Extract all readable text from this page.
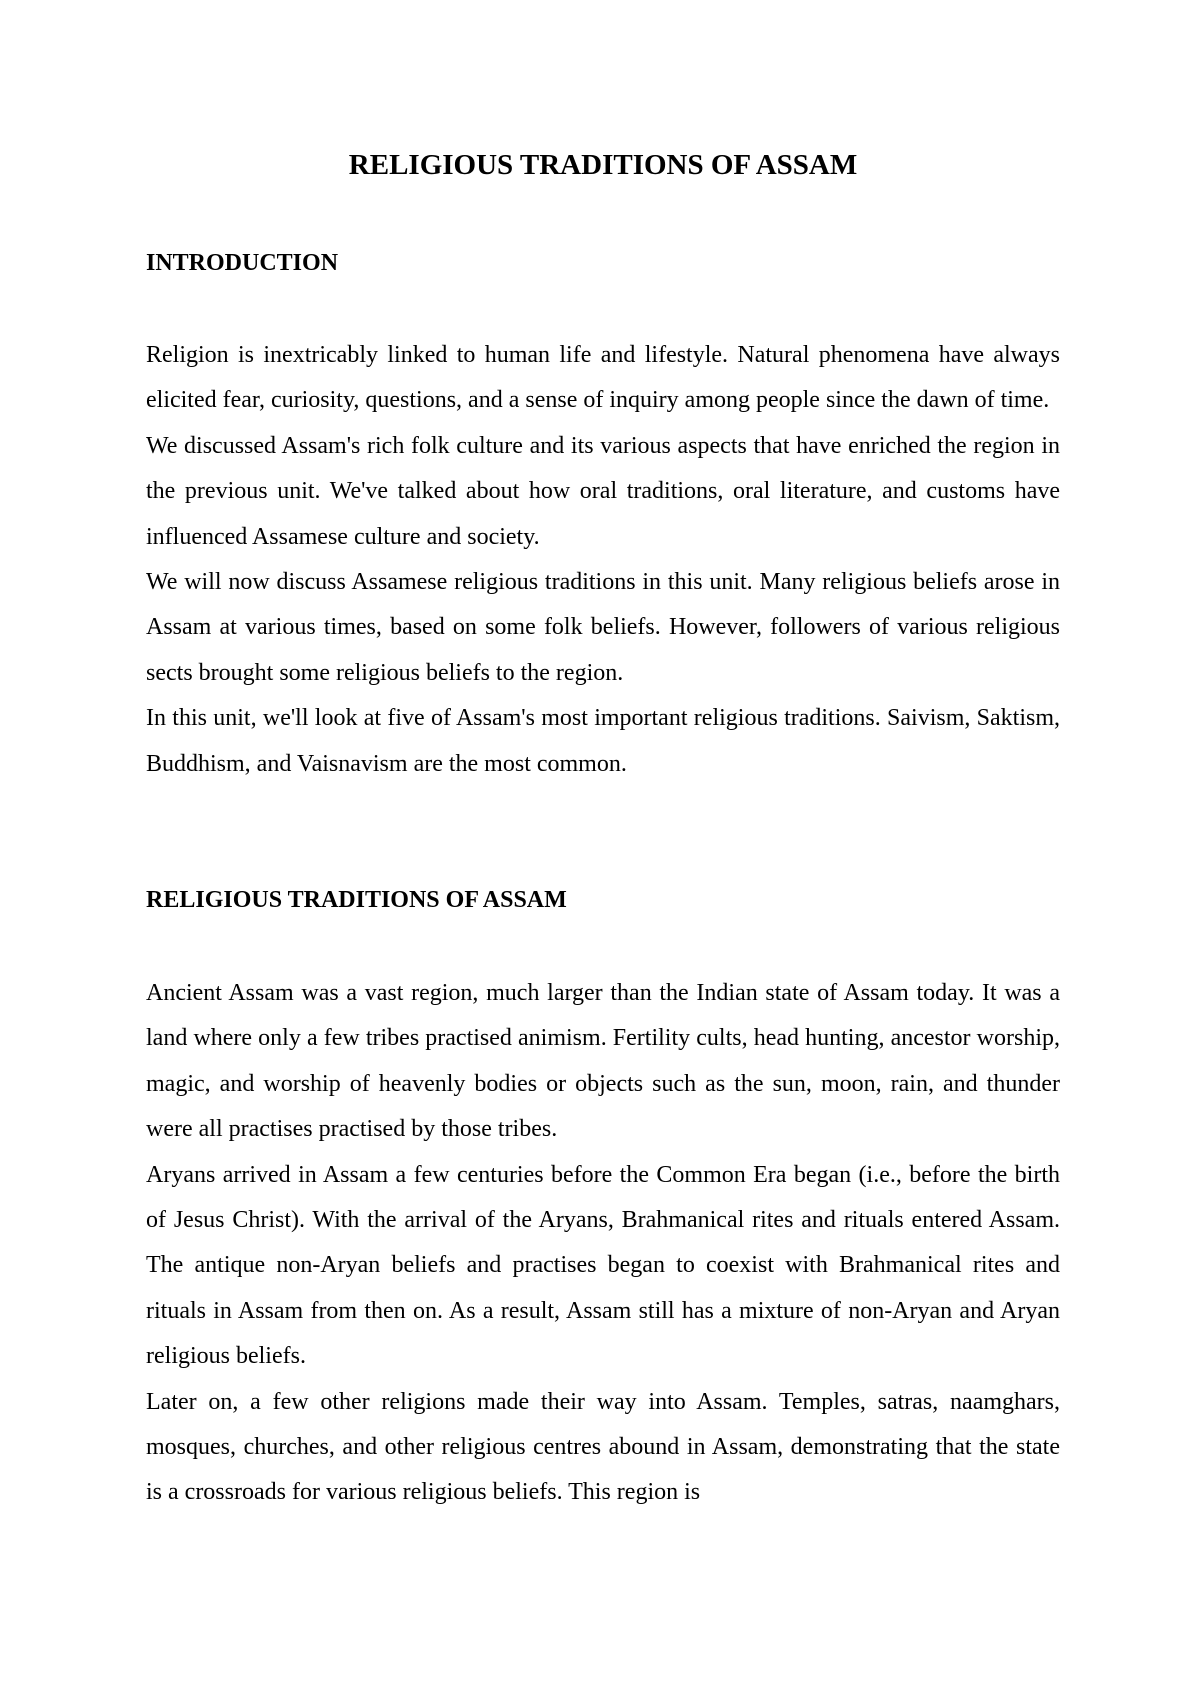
RELIGIOUS TRADITIONS OF ASSAM
INTRODUCTION

Religion is inextricably linked to human life and lifestyle. Natural phenomena have always elicited fear, curiosity, questions, and a sense of inquiry among people since the dawn of time.

We discussed Assam's rich folk culture and its various aspects that have enriched the region in the previous unit. We've talked about how oral traditions, oral literature, and customs have influenced Assamese culture and society.

We will now discuss Assamese religious traditions in this unit. Many religious beliefs arose in Assam at various times, based on some folk beliefs. However, followers of various religious sects brought some religious beliefs to the region.

In this unit, we'll look at five of Assam's most important religious traditions. Saivism, Saktism, Buddhism, and Vaisnavism are the most common.

RELIGIOUS TRADITIONS OF ASSAM

Ancient Assam was a vast region, much larger than the Indian state of Assam today. It was a land where only a few tribes practised animism. Fertility cults, head hunting, ancestor worship, magic, and worship of heavenly bodies or objects such as the sun, moon, rain, and thunder were all practises practised by those tribes.

Aryans arrived in Assam a few centuries before the Common Era began (i.e., before the birth of Jesus Christ). With the arrival of the Aryans, Brahmanical rites and rituals entered Assam. The antique non-Aryan beliefs and practises began to coexist with Brahmanical rites and rituals in Assam from then on. As a result, Assam still has a mixture of non-Aryan and Aryan religious beliefs.

Later on, a few other religions made their way into Assam. Temples, satras, naamghars, mosques, churches, and other religious centres abound in Assam, demonstrating that the state is a crossroads for various religious beliefs. This region is
